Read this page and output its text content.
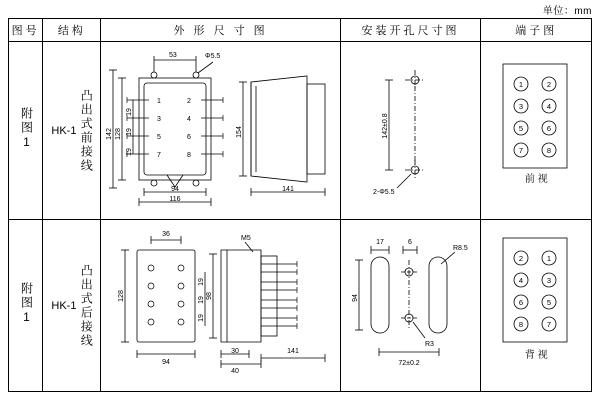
单位：mm
图号	结构	外 形 尺 寸 图	安装开孔尺寸图	端子图
附图1	HK-1 凸出式前接线

53	Φ5.5
142 128
19
19
19
94
116
154
141
1	2
3	4
5	6
7	8

142±0.8
2-Φ5.5

1	2
3	4
5	6
7	8
前 视

附图1	HK-1 凸出式后接线

36
128
94
M5
98
19
19
19
30
40
141

17	6
R8.5
94
R3
72±0.2

2	1
4	3
6	5
8	7
背 视
